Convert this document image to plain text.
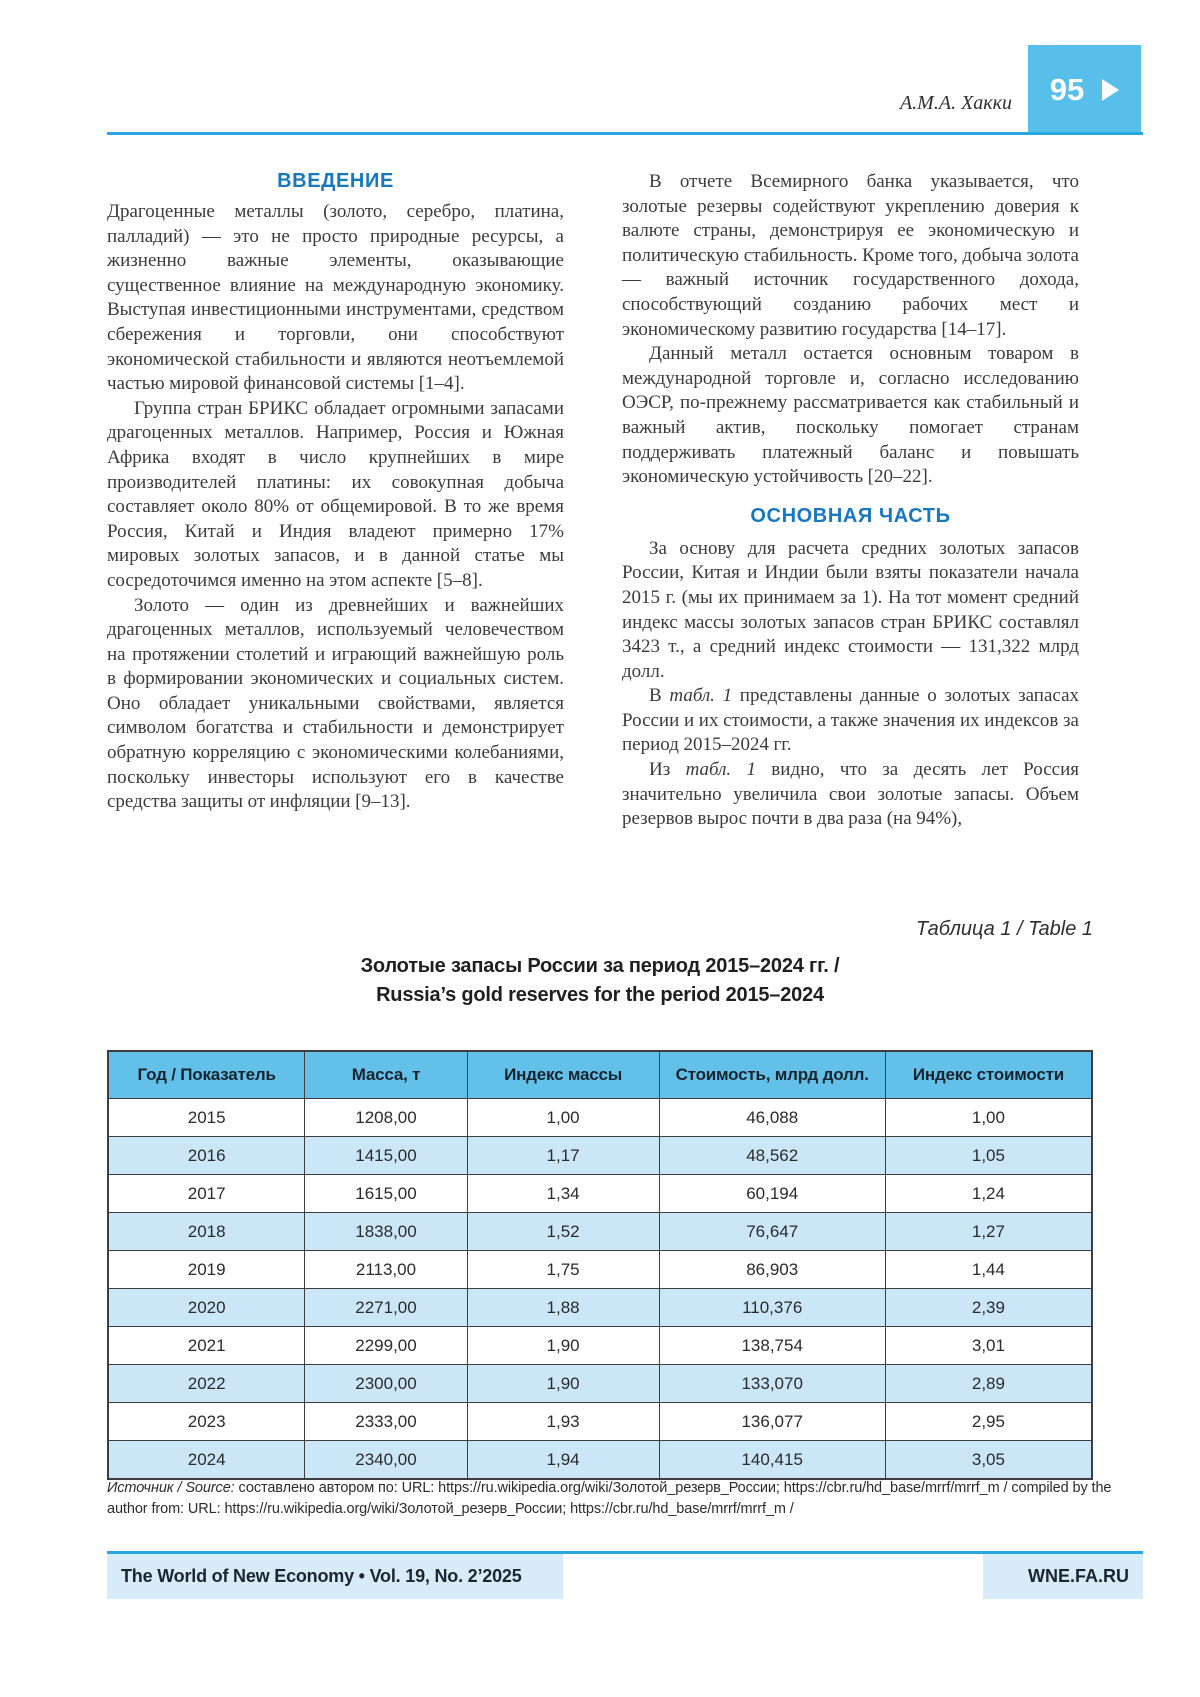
А.М.А. Хакки 95
ВВЕДЕНИЕ

Драгоценные металлы (золото, серебро, платина, палладий) — это не просто природные ресурсы, а жизненно важные элементы, оказывающие существенное влияние на международную экономику. Выступая инвестиционными инструментами, средством сбережения и торговли, они способствуют экономической стабильности и являются неотъемлемой частью мировой финансовой системы [1–4].

Группа стран БРИКС обладает огромными запасами драгоценных металлов. Например, Россия и Южная Африка входят в число крупнейших в мире производителей платины: их совокупная добыча составляет около 80% от общемировой. В то же время Россия, Китай и Индия владеют примерно 17% мировых золотых запасов, и в данной статье мы сосредоточимся именно на этом аспекте [5–8].

Золото — один из древнейших и важнейших драгоценных металлов, используемый человечеством на протяжении столетий и играющий важнейшую роль в формировании экономических и социальных систем. Оно обладает уникальными свойствами, является символом богатства и стабильности и демонстрирует обратную корреляцию с экономическими колебаниями, поскольку инвесторы используют его в качестве средства защиты от инфляции [9–13].

В отчете Всемирного банка указывается, что золотые резервы содействуют укреплению доверия к валюте страны, демонстрируя ее экономическую и политическую стабильность. Кроме того, добыча золота — важный источник государственного дохода, способствующий созданию рабочих мест и экономическому развитию государства [14–17].

Данный металл остается основным товаром в международной торговле и, согласно исследованию ОЭСР, по-прежнему рассматривается как стабильный и важный актив, поскольку помогает странам поддерживать платежный баланс и повышать экономическую устойчивость [20–22].

ОСНОВНАЯ ЧАСТЬ

За основу для расчета средних золотых запасов России, Китая и Индии были взяты показатели начала 2015 г. (мы их принимаем за 1). На тот момент средний индекс массы золотых запасов стран БРИКС составлял 3423 т., а средний индекс стоимости — 131,322 млрд долл.

В табл. 1 представлены данные о золотых запасах России и их стоимости, а также значения их индексов за период 2015–2024 гг.

Из табл. 1 видно, что за десять лет Россия значительно увеличила свои золотые запасы. Объем резервов вырос почти в два раза (на 94%),

Таблица 1 / Table 1
Золотые запасы России за период 2015–2024 гг. /
Russia’s gold reserves for the period 2015–2024
Год / Показатель	Масса, т	Индекс массы	Стоимость, млрд долл.	Индекс стоимости
2015	1208,00	1,00	46,088	1,00
2016	1415,00	1,17	48,562	1,05
2017	1615,00	1,34	60,194	1,24
2018	1838,00	1,52	76,647	1,27
2019	2113,00	1,75	86,903	1,44
2020	2271,00	1,88	110,376	2,39
2021	2299,00	1,90	138,754	3,01
2022	2300,00	1,90	133,070	2,89
2023	2333,00	1,93	136,077	2,95
2024	2340,00	1,94	140,415	3,05
Источник / Source: составлено автором по: URL: https://ru.wikipedia.org/wiki/Золотой_резерв_России; https://cbr.ru/hd_base/mrrf/mrrf_m / compiled by the author from: URL: https://ru.wikipedia.org/wiki/Золотой_резерв_России; https://cbr.ru/hd_base/mrrf/mrrf_m /
The World of New Economy • Vol. 19, No. 2’2025	WNE.FA.RU
